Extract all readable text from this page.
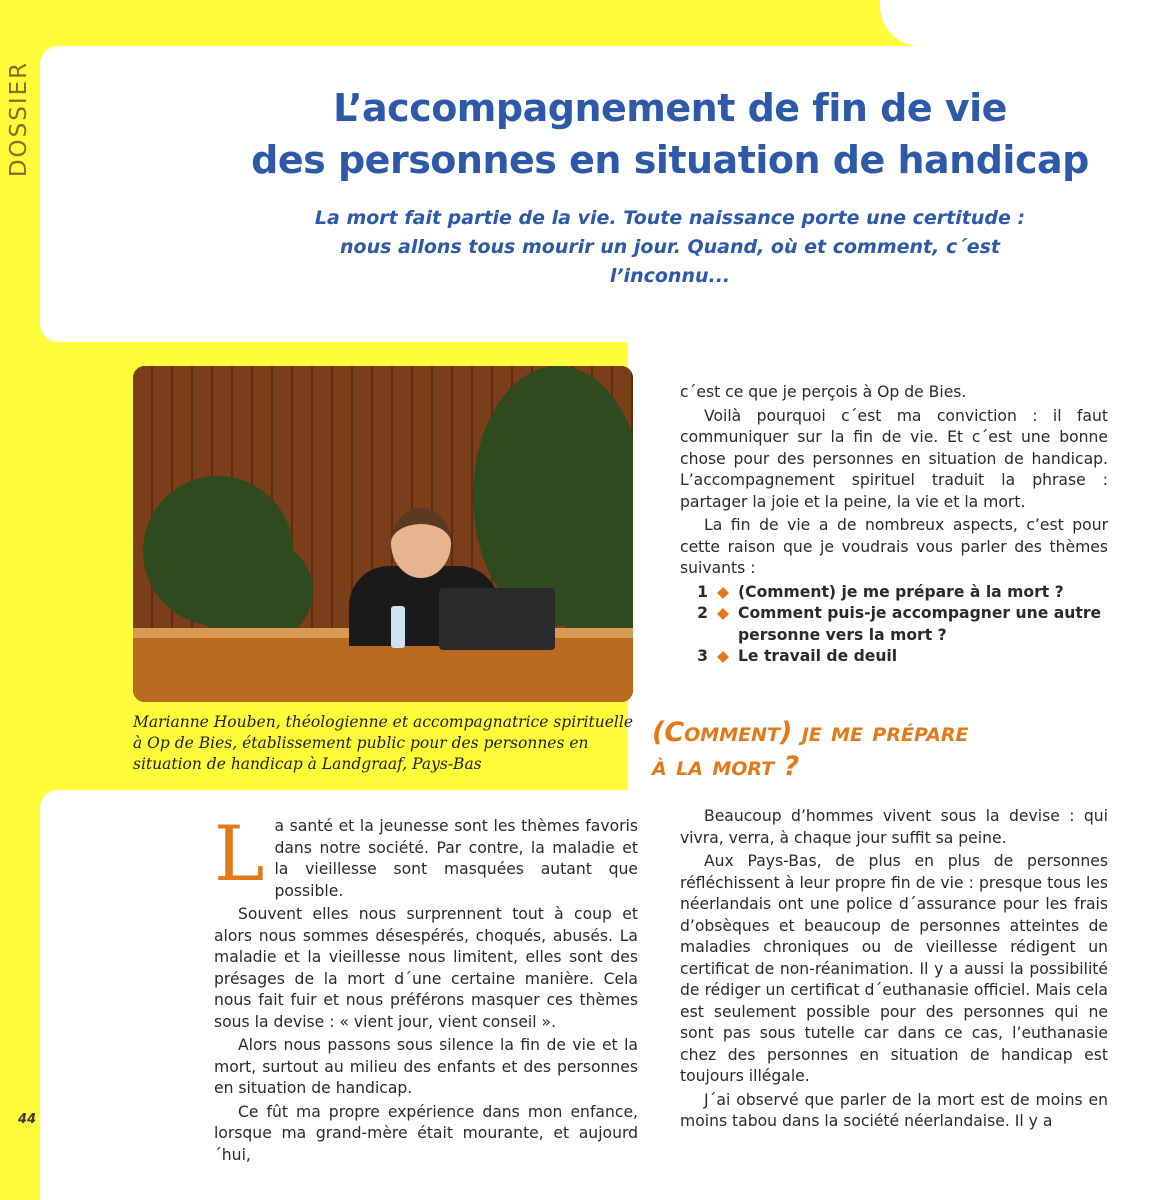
DOSSIER	L’accompagnement de fin de vie
des personnes en situation de handicap
La mort fait partie de la vie. Toute naissance porte une certitude :
nous allons tous mourir un jour. Quand, où et comment, c´est l’inconnu...

Marianne Houben, théologienne et accompagnatrice spirituelle à Op de Bies, établissement public pour des personnes en situation de handicap à Landgraaf, Pays-Bas

La santé et la jeunesse sont les thèmes favoris dans notre société. Par contre, la maladie et la vieillesse sont masquées autant que possible.

Souvent elles nous surprennent tout à coup et alors nous sommes désespérés, choqués, abusés. La maladie et la vieillesse nous limitent, elles sont des présages de la mort d´une certaine manière. Cela nous fait fuir et nous préférons masquer ces thèmes sous la devise : « vient jour, vient conseil ».

Alors nous passons sous silence la fin de vie et la mort, surtout au milieu des enfants et des personnes en situation de handicap.

Ce fût ma propre expérience dans mon enfance, lorsque ma grand-mère était mourante, et aujourd´hui,

c´est ce que je perçois à Op de Bies.

Voilà pourquoi c´est ma conviction : il faut communiquer sur la fin de vie. Et c´est une bonne chose pour des personnes en situation de handicap. L’accompagnement spirituel traduit la phrase : partager la joie et la peine, la vie et la mort.

La fin de vie a de nombreux aspects, c’est pour cette raison que je voudrais vous parler des thèmes suivants :

1 ◆ (Comment) je me prépare à la mort ?
2 ◆ Comment puis-je accompagner une autre personne vers la mort ?
3 ◆ Le travail de deuil
(Comment) je me prépare
à la mort ?

Beaucoup d’hommes vivent sous la devise : qui vivra, verra, à chaque jour suffit sa peine.

Aux Pays-Bas, de plus en plus de personnes réfléchissent à leur propre fin de vie : presque tous les néerlandais ont une police d´assurance pour les frais d’obsèques et beaucoup de personnes atteintes de maladies chroniques ou de vieillesse rédigent un certificat de non-réanimation. Il y a aussi la possibilité de rédiger un certificat d´euthanasie officiel. Mais cela est seulement possible pour des personnes qui ne sont pas sous tutelle car dans ce cas, l’euthanasie chez des personnes en situation de handicap est toujours illégale.

J´ai observé que parler de la mort est de moins en moins tabou dans la société néerlandaise. Il y a

44
